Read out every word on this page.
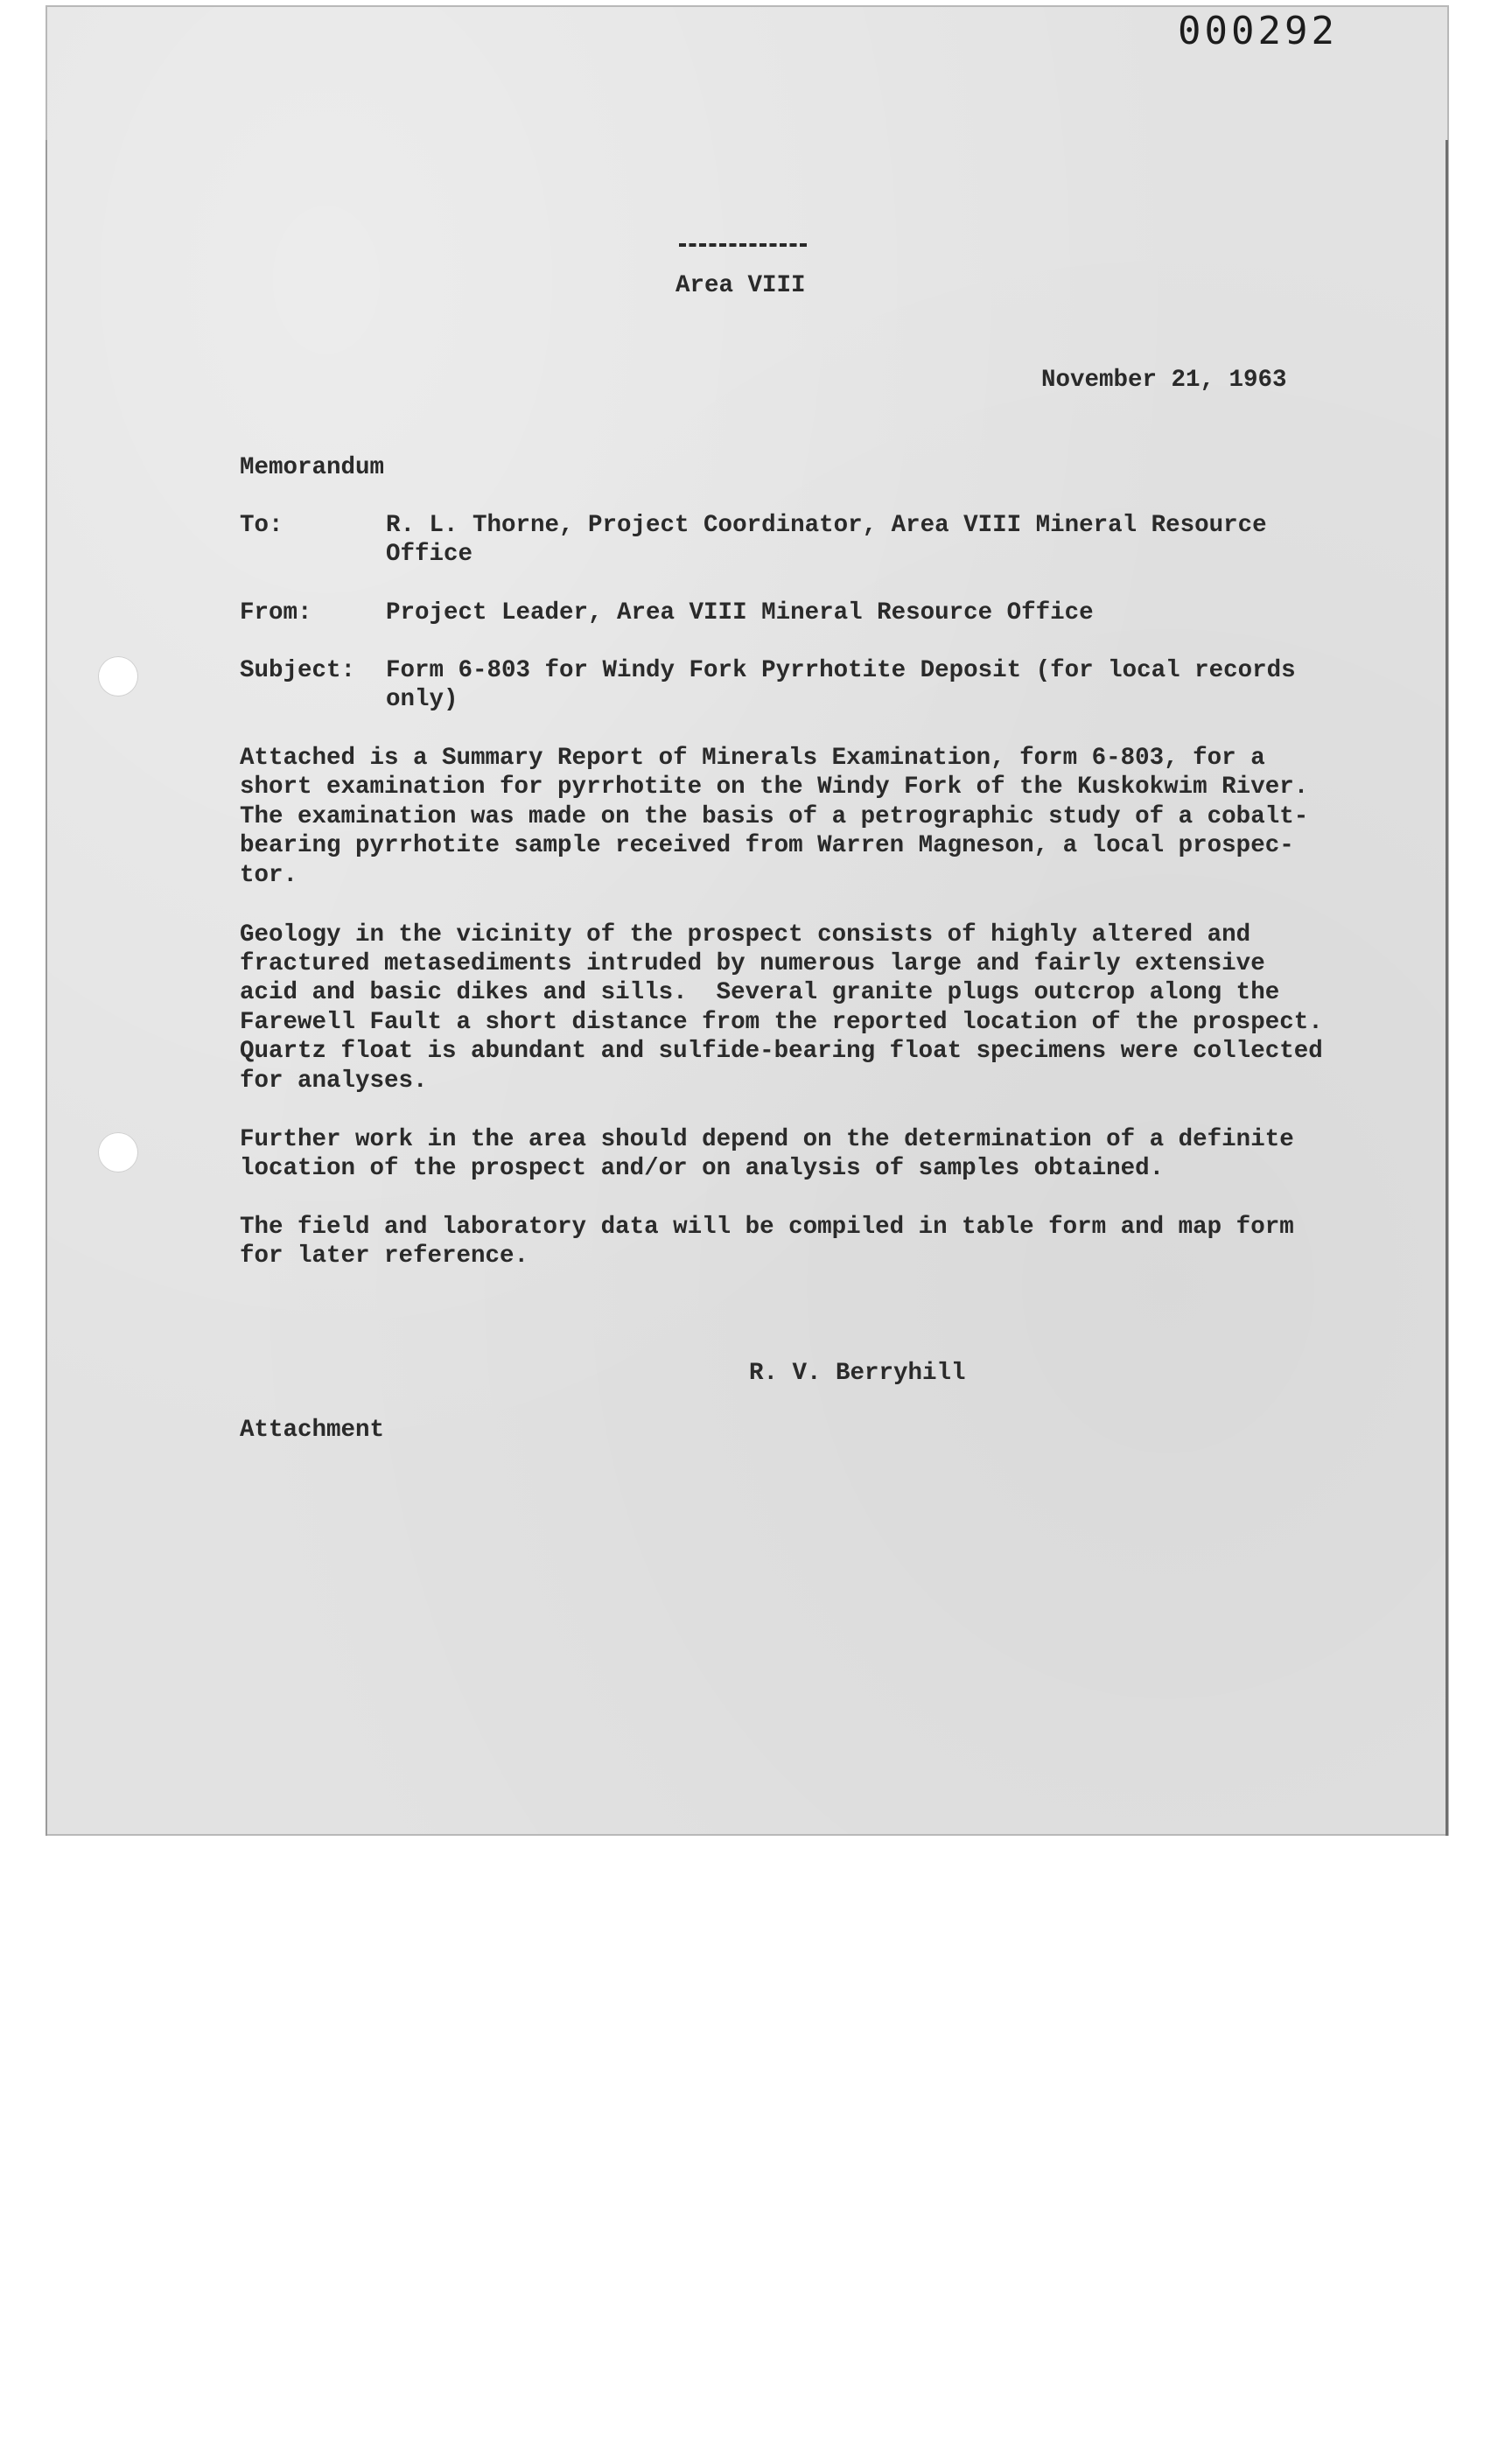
000292
Area VIII
November 21, 1963
Memorandum
To:	R. L. Thorne, Project Coordinator, Area VIII Mineral Resource
Office
From:	Project Leader, Area VIII Mineral Resource Office
Subject: Form 6-803 for Windy Fork Pyrrhotite Deposit (for local records
only)
Attached is a Summary Report of Minerals Examination, form 6-803, for a
short examination for pyrrhotite on the Windy Fork of the Kuskokwim River.
The examination was made on the basis of a petrographic study of a cobalt-
bearing pyrrhotite sample received from Warren Magneson, a local prospec-
tor.
Geology in the vicinity of the prospect consists of highly altered and
fractured metasediments intruded by numerous large and fairly extensive
acid and basic dikes and sills.  Several granite plugs outcrop along the
Farewell Fault a short distance from the reported location of the prospect.
Quartz float is abundant and sulfide-bearing float specimens were collected
for analyses.
Further work in the area should depend on the determination of a definite
location of the prospect and/or on analysis of samples obtained.
The field and laboratory data will be compiled in table form and map form
for later reference.
R. V. Berryhill
Attachment
